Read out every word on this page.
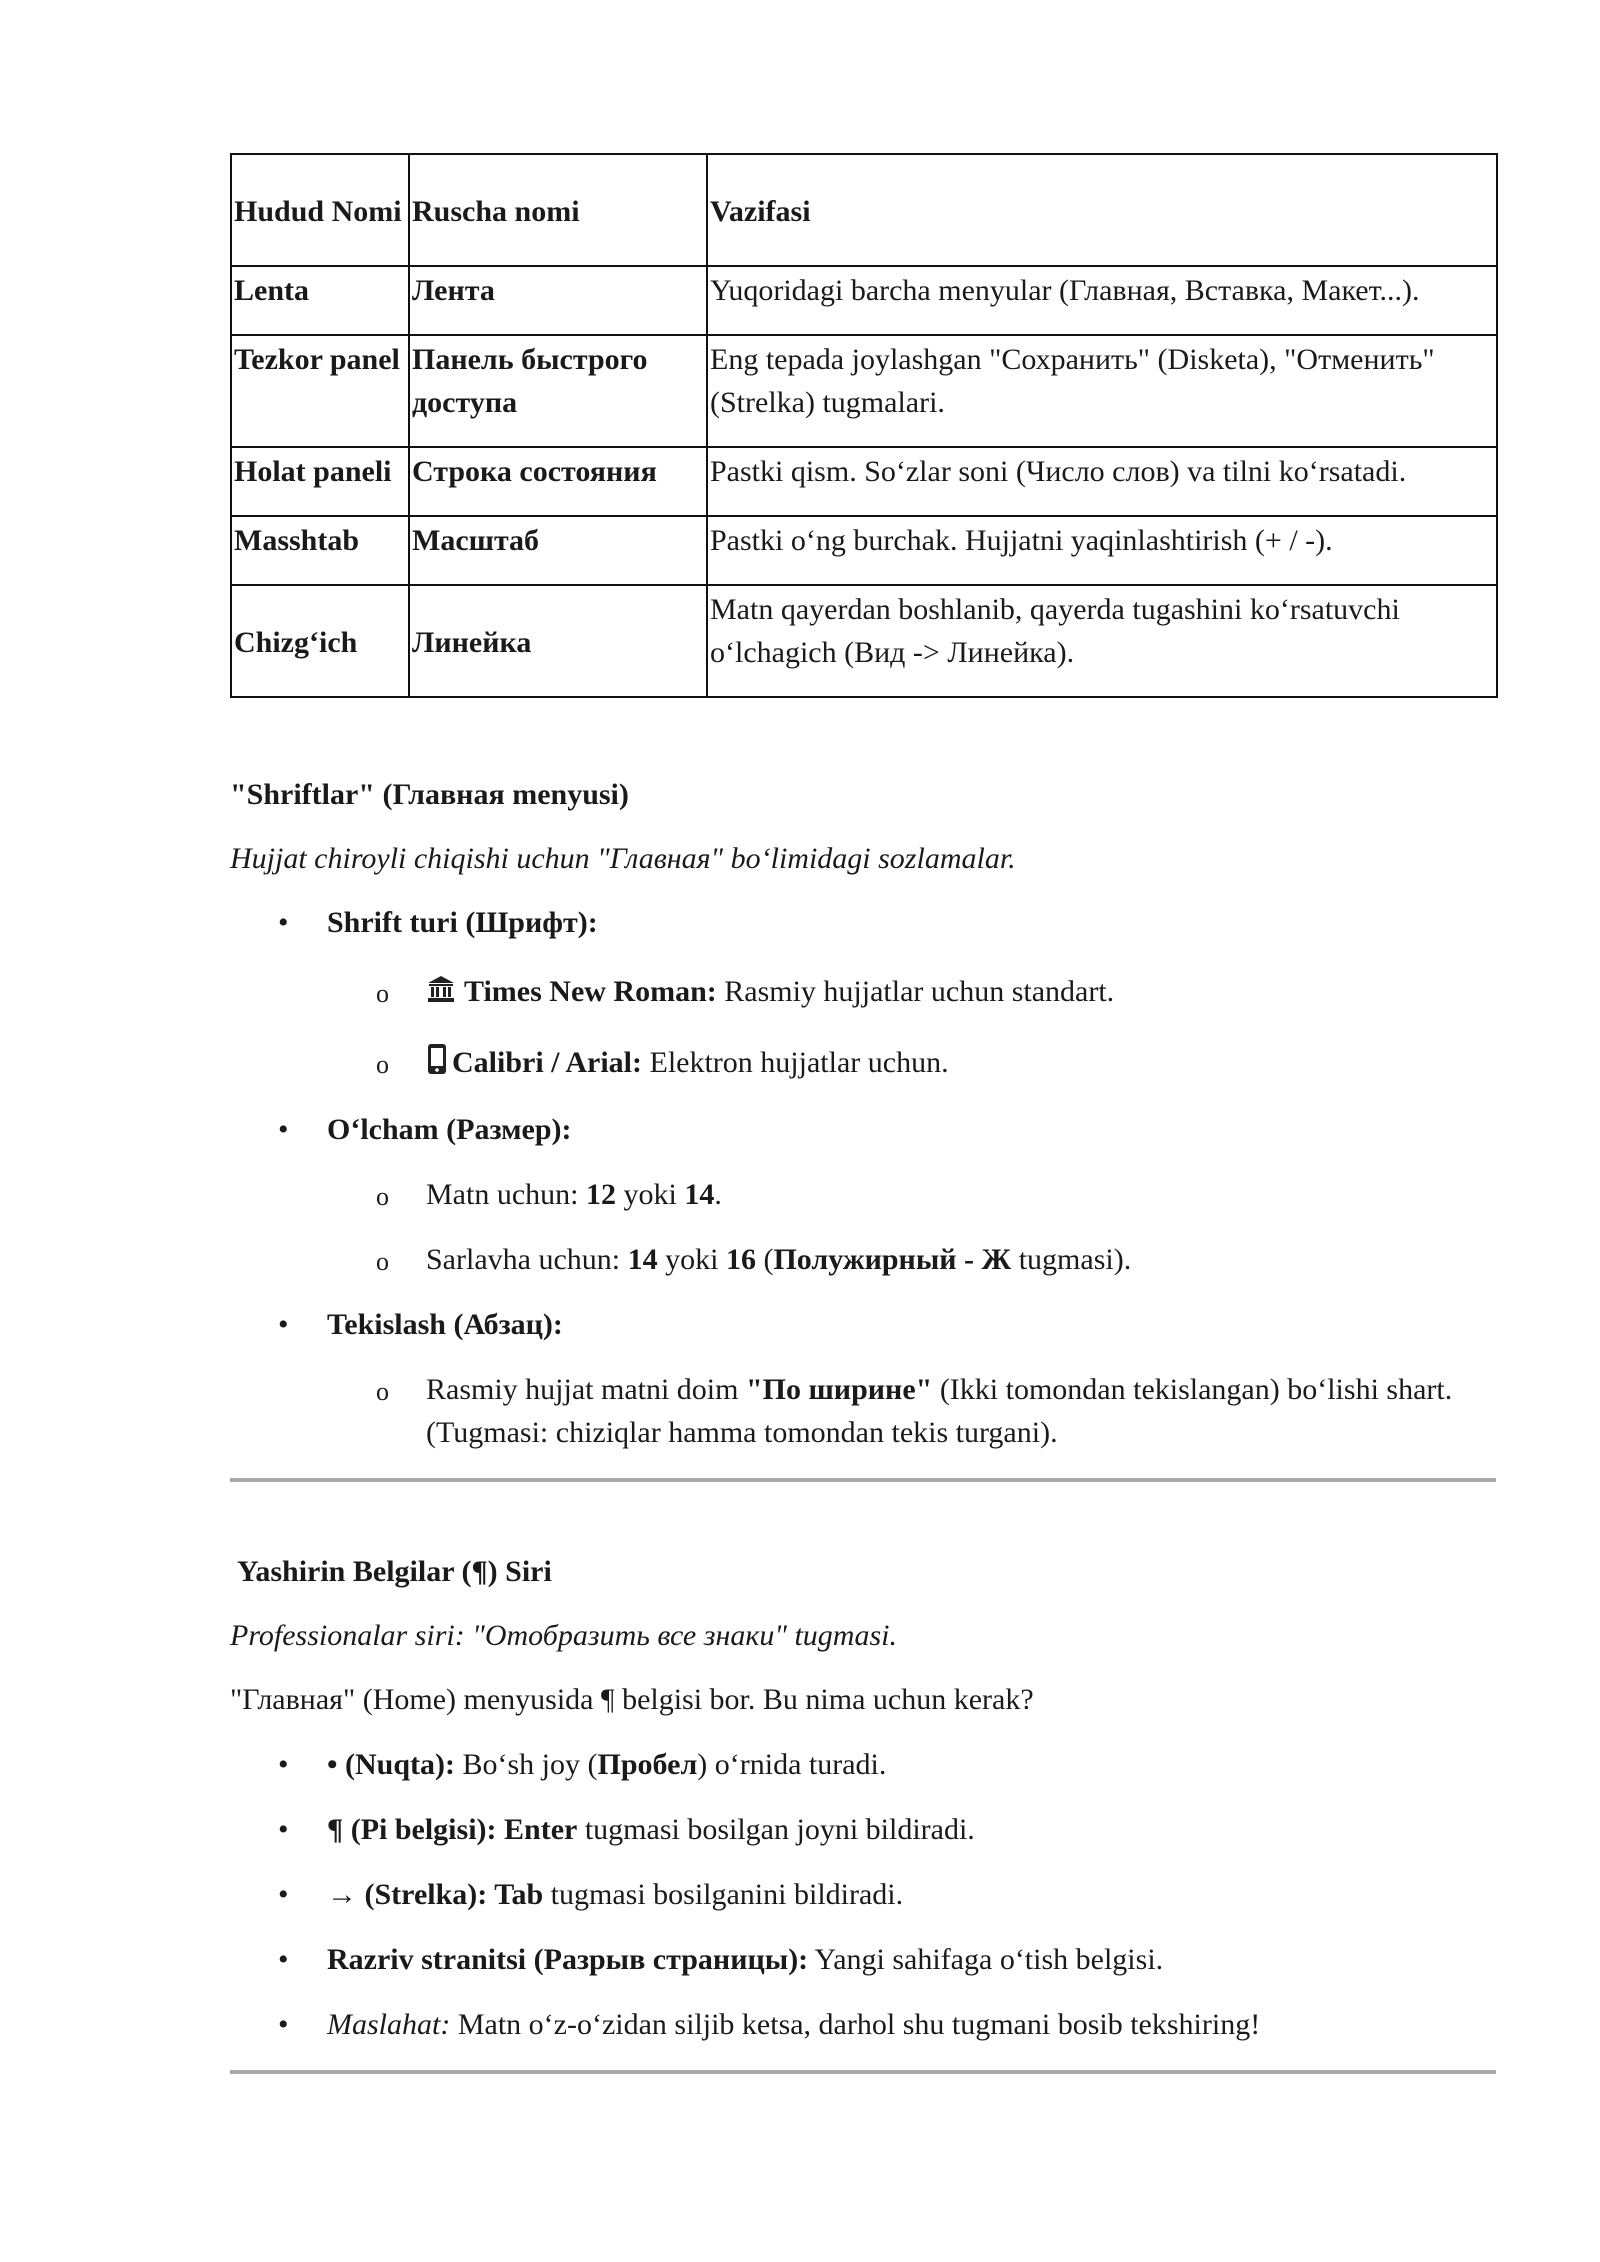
Hudud Nomi	Ruscha nomi	Vazifasi
Lenta	Лента	Yuqoridagi barcha menyular (Главная, Вставка, Макет...).
Tezkor panel	Панель быстрого доступа	Eng tepada joylashgan "Сохранить" (Disketa), "Отменить" (Strelka) tugmalari.
Holat paneli	Строка состояния	Pastki qism. So‘zlar soni (Число слов) va tilni ko‘rsatadi.
Masshtab	Масштаб	Pastki o‘ng burchak. Hujjatni yaqinlashtirish (+ / -).
Chizg‘ich	Линейка	Matn qayerdan boshlanib, qayerda tugashini ko‘rsatuvchi o‘lchagich (Вид -> Линейка).

"Shriftlar" (Главная menyusi)

Hujjat chiroyli chiqishi uchun "Главная" bo‘limidagi sozlamalar.

• Shrift turi (Шрифт):
o	Times New Roman: Rasmiy hujjatlar uchun standart.
o Calibri / Arial: Elektron hujjatlar uchun.
• O‘lcham (Размер):
o Matn uchun: 12 yoki 14.
o Sarlavha uchun: 14 yoki 16 (Полужирный - Ж tugmasi).
• Tekislash (Абзац):
o Rasmiy hujjat matni doim "По ширине" (Ikki tomondan tekislangan) bo‘lishi shart. (Tugmasi: chiziqlar hamma tomondan tekis turgani).

Yashirin Belgilar (¶) Siri

Professionalar siri: "Отобразить все знаки" tugmasi.

"Главная" (Home) menyusida ¶ belgisi bor. Bu nima uchun kerak?

• • (Nuqta): Bo‘sh joy (Пробел) o‘rnida turadi.
• ¶ (Pi belgisi): Enter tugmasi bosilgan joyni bildiradi.
• → (Strelka): Tab tugmasi bosilganini bildiradi.
• Razriv stranitsi (Разрыв страницы): Yangi sahifaga o‘tish belgisi.
• Maslahat: Matn o‘z-o‘zidan siljib ketsa, darhol shu tugmani bosib tekshiring!
